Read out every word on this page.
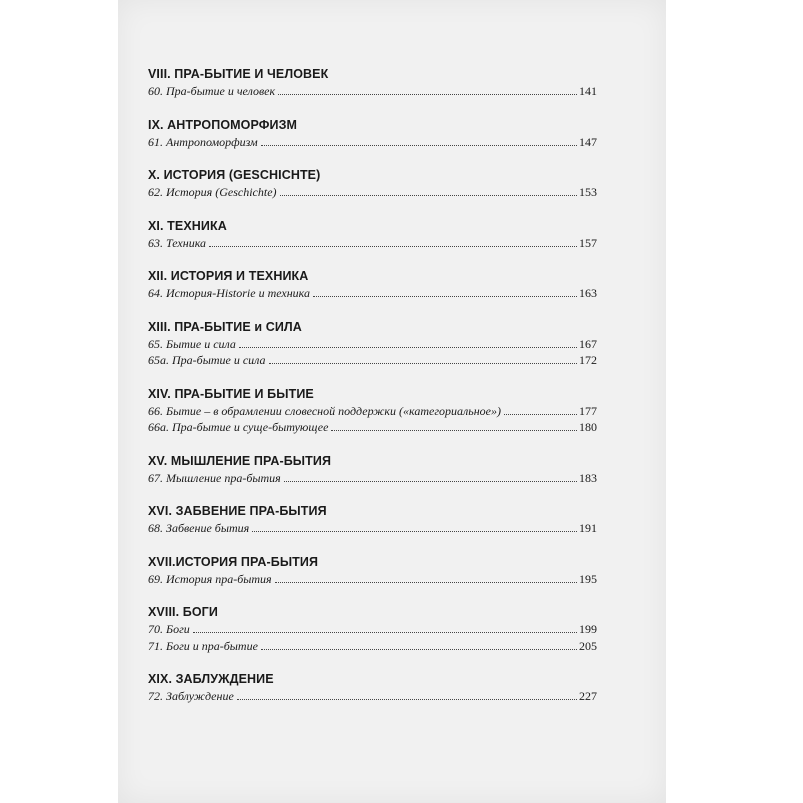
VIII. ПРА-БЫТИЕ И ЧЕЛОВЕК
60. Пра-бытие и человек	141
IX. АНТРОПОМОРФИЗМ
61. Антропоморфизм	147
X. ИСТОРИЯ (GESCHICHTE)
62. История (Geschichte)	153
XI. ТЕХНИКА
63. Техника	157
XII. ИСТОРИЯ И ТЕХНИКА
64. История-Historie и техника	163
XIII. ПРА-БЫТИЕ и СИЛА
65. Бытие и сила	167
65а. Пра-бытие и сила	172
XIV. ПРА-БЫТИЕ И БЫТИЕ
66. Бытие – в обрамлении словесной поддержки («категориальное»)	177
66а. Пра-бытие и суще-бытующее	180
XV. МЫШЛЕНИЕ ПРА-БЫТИЯ
67. Мышление пра-бытия	183
XVI. ЗАБВЕНИЕ ПРА-БЫТИЯ
68. Забвение бытия	191
XVII.ИСТОРИЯ ПРА-БЫТИЯ
69. История пра-бытия	195
XVIII. БОГИ
70. Боги	199
71. Боги и пра-бытие	205
XIX. ЗАБЛУЖДЕНИЕ
72. Заблуждение	227
